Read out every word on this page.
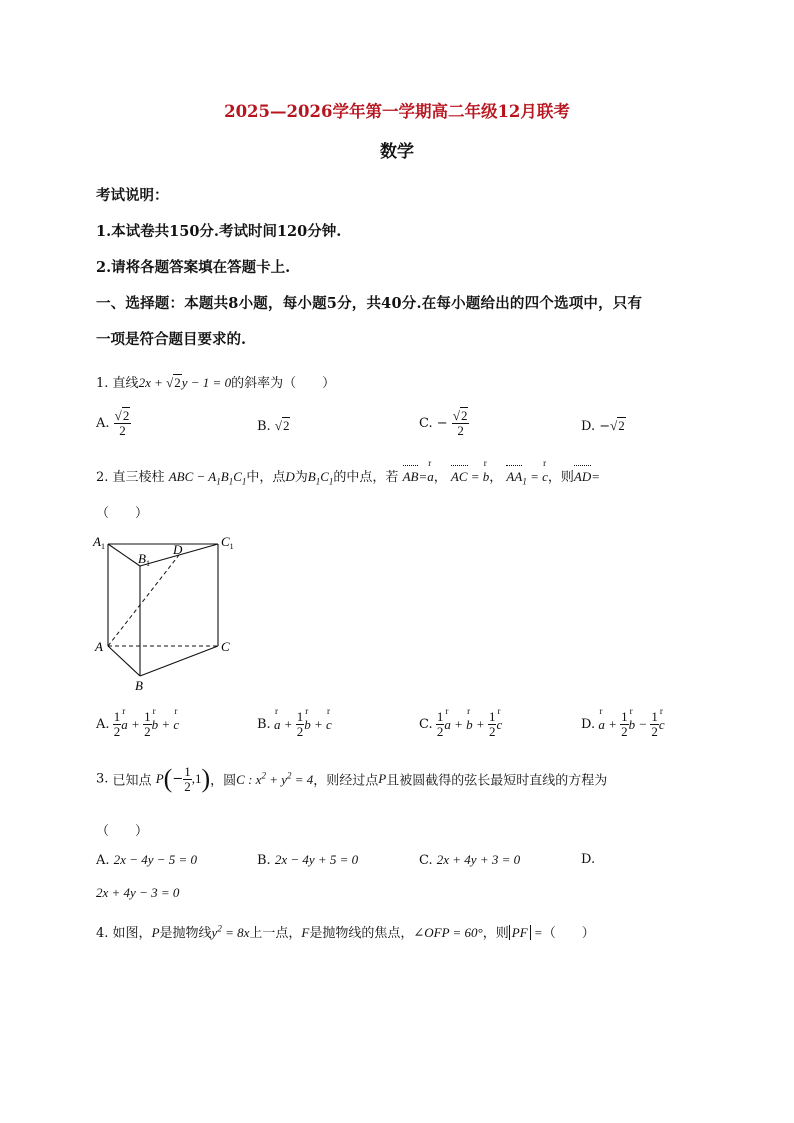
2025—2026学年第一学期高二年级12月联考
数学
考试说明：
1.本试卷共150分.考试时间120分钟.
2.请将各题答案填在答题卡上.
一、选择题：本题共8小题，每小题5分，共40分.在每小题给出的四个选项中，只有
一项是符合题目要求的.
1. 直线2x + √2y − 1 = 0的斜率为（　　）
A. $\frac{√2}{2}$	B. √2	C. − $\frac{√2}{2}$	D. −√2
2. 直三棱柱 ABC − $A_1B_1C_1$中，点D为$B_1C_1$的中点，若 AB=r a， AC = r b， $AA_1 = r$ c，则AD=
（　　）
$A_1$
$B_1$
D
$C_1$
A	C
B
A. $\frac{1}{2}$ r $a + \frac{1}{2}$ r b + r c	B. r $a + \frac{1}{2}$ r b + r c	C. $\frac{1}{2}$ r a + r $b + \frac{1}{2}$ r c	D. r $a + \frac{1}{2}$ r $b - \frac{1}{2}$ r c
3. 已知点 $P(- \frac{1}{2} ,1)$，圆C : $x^2 + y^2 = 4$，则经过点P且被圆截得的弦长最短时直线的方程为
（　　）
A. 2x − 4y − 5 = 0	B. 2x − 4y + 5 = 0	C. 2x + 4y + 3 = 0	D.
2x + 4y − 3 = 0
4. 如图，P是抛物线$y^2 = 8x$上一点，F是抛物线的焦点，∠OFP = 60°，则 PF =（　　）
